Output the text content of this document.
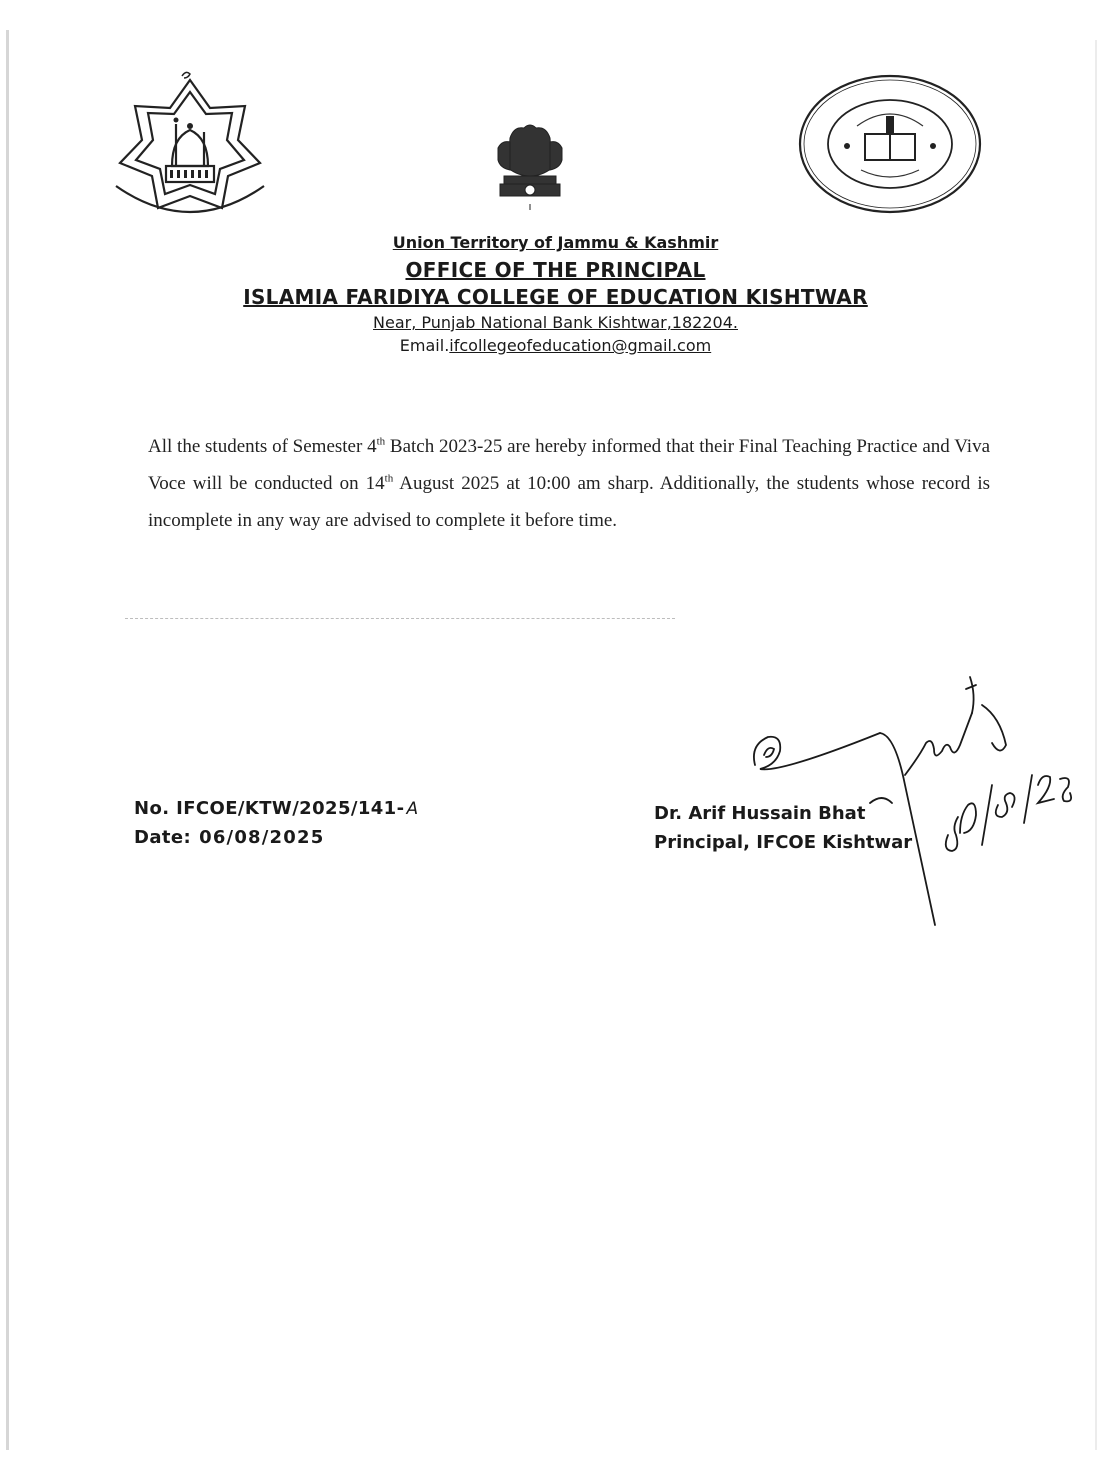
Union Territory of Jammu & Kashmir
OFFICE OF THE PRINCIPAL
ISLAMIA FARIDIYA COLLEGE OF EDUCATION KISHTWAR
Near, Punjab National Bank Kishtwar,182204.
Email.ifcollegeofeducation@gmail.com
All the students of Semester 4th Batch 2023-25 are hereby informed that their Final Teaching Practice and Viva Voce will be conducted on 14th August 2025 at 10:00 am sharp. Additionally, the students whose record is incomplete in any way are advised to complete it before time.
No. IFCOE/KTW/2025/141- A
Date: 06/08/2025
Dr. Arif Hussain Bhat
Principal, IFCOE Kishtwar
